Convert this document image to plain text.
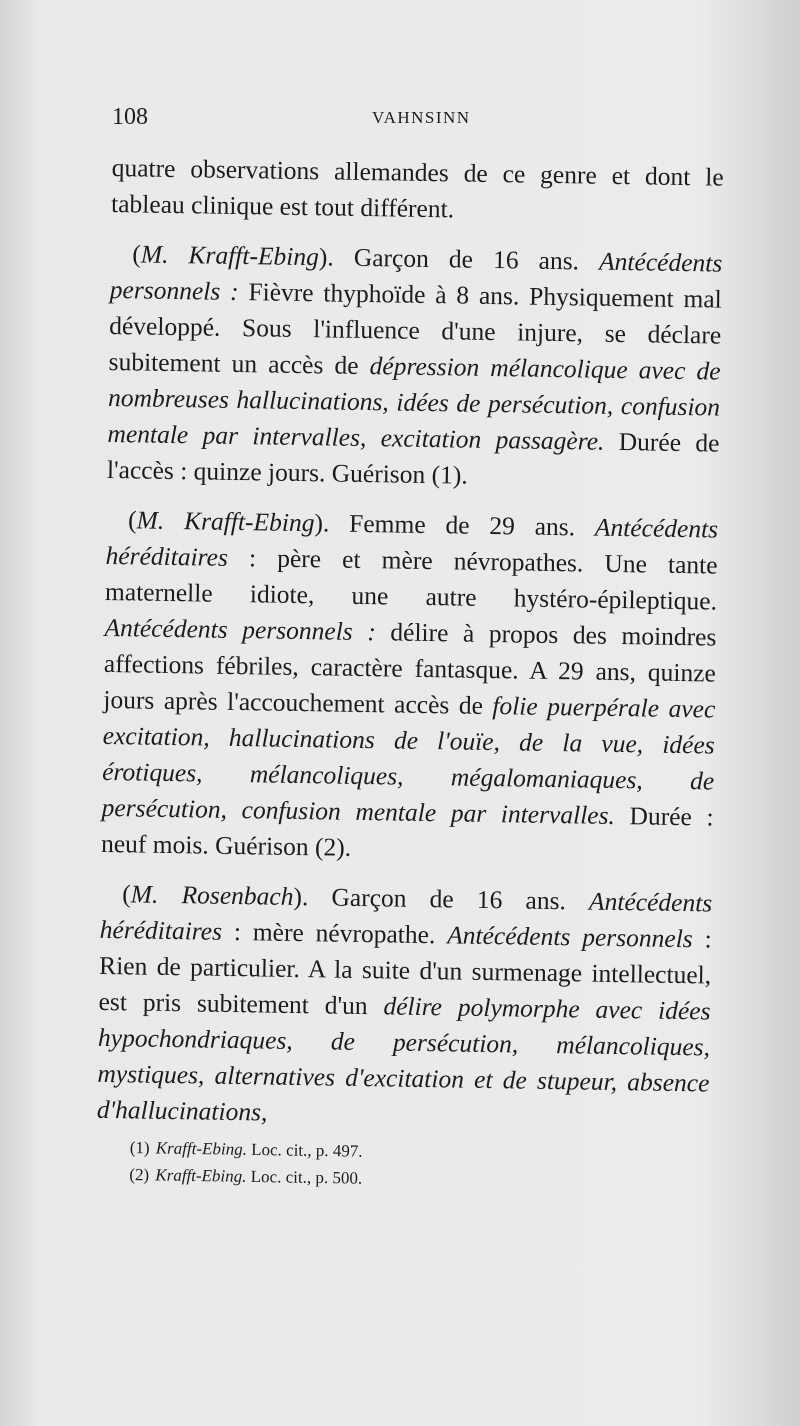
108	VAHNSINN

quatre observations allemandes de ce genre et dont le tableau clinique est tout différent.

(M. Krafft-Ebing). Garçon de 16 ans. Antécédents personnels : Fièvre thyphoïde à 8 ans. Physiquement mal développé. Sous l'influence d'une injure, se déclare subitement un accès de dépression mélancolique avec de nombreuses hallucinations, idées de persécution, confusion mentale par intervalles, excitation passagère. Durée de l'accès : quinze jours. Guérison (1).

(M. Krafft-Ebing). Femme de 29 ans. Antécédents héréditaires : père et mère névropathes. Une tante maternelle idiote, une autre hystéro-épileptique. Antécédents personnels : délire à propos des moindres affections fébriles, caractère fantasque. A 29 ans, quinze jours après l'accouchement accès de folie puerpérale avec excitation, hallucinations de l'ouïe, de la vue, idées érotiques, mélancoliques, mégalomaniaques, de persécution, confusion mentale par intervalles. Durée : neuf mois. Guérison (2).

(M. Rosenbach). Garçon de 16 ans. Antécédents héréditaires : mère névropathe. Antécédents personnels : Rien de particulier. A la suite d'un surmenage intellectuel, est pris subitement d'un délire polymorphe avec idées hypochondriaques, de persécution, mélancoliques, mystiques, alternatives d'excitation et de stupeur, absence d'hallucinations,

(1) Krafft-Ebing. Loc. cit., p. 497.
(2) Krafft-Ebing. Loc. cit., p. 500.
